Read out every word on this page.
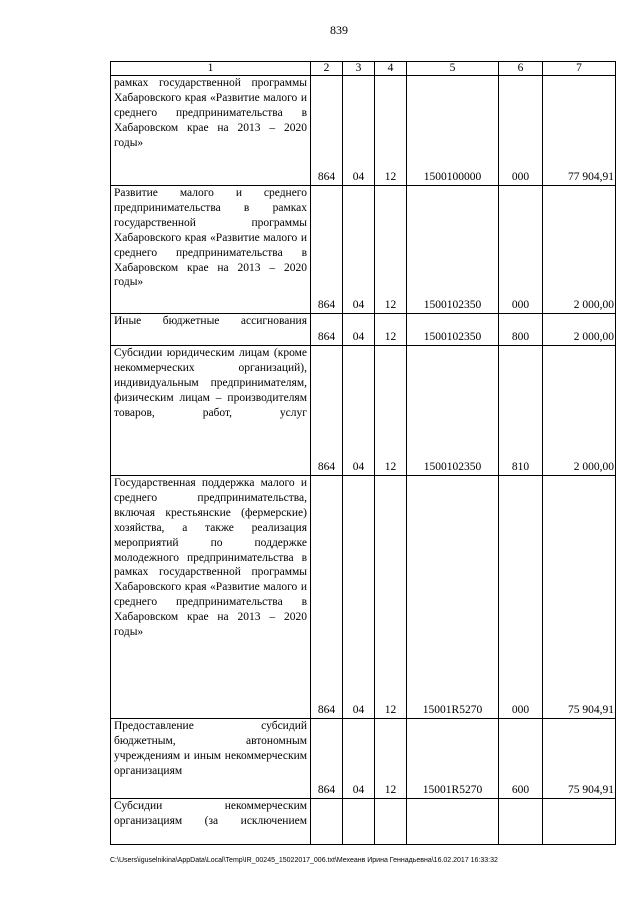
839
1	2	3	4	5	6	7
рамках государственной программы Хабаровского края «Развитие малого и среднего предпринимательства в Хабаровском крае на 2013 – 2020 годы»	864	04	12	1500100000	000	77 904,91
Развитие малого и среднего предпринимательства в рамках государственной программы Хабаровского края «Развитие малого и среднего предпринимательства в Хабаровском крае на 2013 – 2020 годы»	864	04	12	1500102350	000	2 000,00
Иные бюджетные ассигнования	864	04	12	1500102350	800	2 000,00
Субсидии юридическим лицам (кроме некоммерческих организаций), индивидуальным предпринимателям, физическим лицам – производителям товаров, работ, услуг	864	04	12	1500102350	810	2 000,00
Государственная поддержка малого и среднего предпринимательства, включая крестьянские (фермерские) хозяйства, а также реализация мероприятий по поддержке молодежного предпринимательства в рамках государственной программы Хабаровского края «Развитие малого и среднего предпринимательства в Хабаровском крае на 2013 – 2020 годы»	864	04	12	15001R5270	000	75 904,91
Предоставление субсидий бюджетным, автономным учреждениям и иным некоммерческим организациям	864	04	12	15001R5270	600	75 904,91
Субсидии некоммерческим организациям (за исключением						
C:\Users\iguselnikina\AppData\Local\Temp\IR_00245_15022017_006.txt\Мехеанв Ирина Геннадьевна\16.02.2017 16:33:32
